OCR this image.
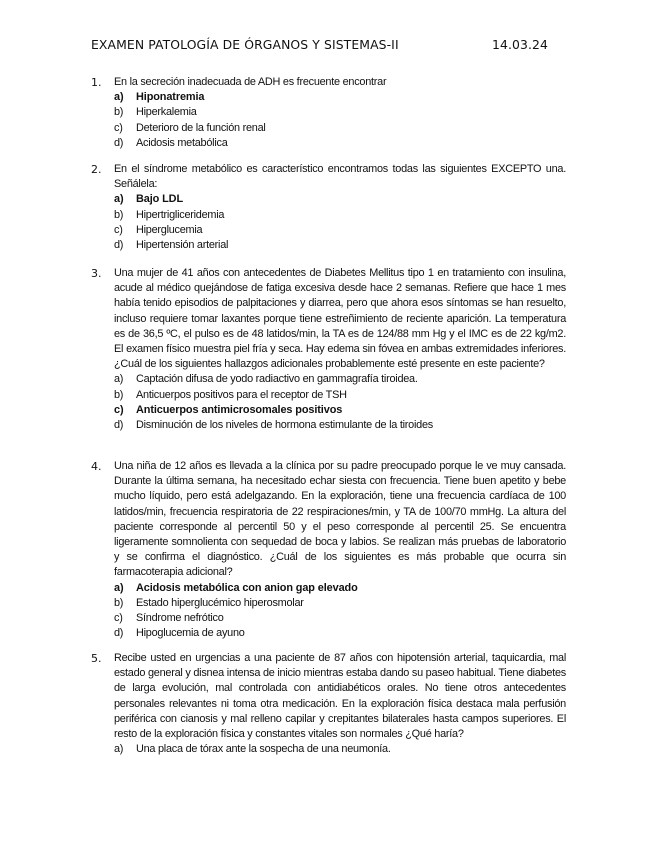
EXAMEN PATOLOGÍA DE ÓRGANOS Y SISTEMAS-II	14.03.24
1.	En la secreción inadecuada de ADH es frecuente encontrar
a) Hiponatremia
b) Hiperkalemia
c) Deterioro de la función renal
d) Acidosis metabólica
2.	En el síndrome metabólico es característico encontramos todas las siguientes EXCEPTO una. Señálela:
a) Bajo LDL
b) Hipertrigliceridemia
c) Hiperglucemia
d) Hipertensión arterial
3.	Una mujer de 41 años con antecedentes de Diabetes Mellitus tipo 1 en tratamiento con insulina, acude al médico quejándose de fatiga excesiva desde hace 2 semanas. Refiere que hace 1 mes había tenido episodios de palpitaciones y diarrea, pero que ahora esos síntomas se han resuelto, incluso requiere tomar laxantes porque tiene estreñimiento de reciente aparición. La temperatura es de 36,5 ºC, el pulso es de 48 latidos/min, la TA es de 124/88 mm Hg y el IMC es de 22 kg/m2. El examen físico muestra piel fría y seca. Hay edema sin fóvea en ambas extremidades inferiores. ¿Cuál de los siguientes hallazgos adicionales probablemente esté presente en este paciente?
a) Captación difusa de yodo radiactivo en gammagrafía tiroidea.
b) Anticuerpos positivos para el receptor de TSH
c) Anticuerpos antimicrosomales positivos
d) Disminución de los niveles de hormona estimulante de la tiroides
4.	Una niña de 12 años es llevada a la clínica por su padre preocupado porque le ve muy cansada. Durante la última semana, ha necesitado echar siesta con frecuencia. Tiene buen apetito y bebe mucho líquido, pero está adelgazando. En la exploración, tiene una frecuencia cardíaca de 100 latidos/min, frecuencia respiratoria de 22 respiraciones/min, y TA de 100/70 mmHg. La altura del paciente corresponde al percentil 50 y el peso corresponde al percentil 25. Se encuentra ligeramente somnolienta con sequedad de boca y labios. Se realizan más pruebas de laboratorio y se confirma el diagnóstico. ¿Cuál de los siguientes es más probable que ocurra sin farmacoterapia adicional?
a) Acidosis metabólica con anion gap elevado
b) Estado hiperglucémico hiperosmolar
c) Síndrome nefrótico
d) Hipoglucemia de ayuno
5.	Recibe usted en urgencias a una paciente de 87 años con hipotensión arterial, taquicardia, mal estado general y disnea intensa de inicio mientras estaba dando su paseo habitual. Tiene diabetes de larga evolución, mal controlada con antidiabéticos orales. No tiene otros antecedentes personales relevantes ni toma otra medicación. En la exploración física destaca mala perfusión periférica con cianosis y mal relleno capilar y crepitantes bilaterales hasta campos superiores. El resto de la exploración física y constantes vitales son normales ¿Qué haría?
a) Una placa de tórax ante la sospecha de una neumonía.
